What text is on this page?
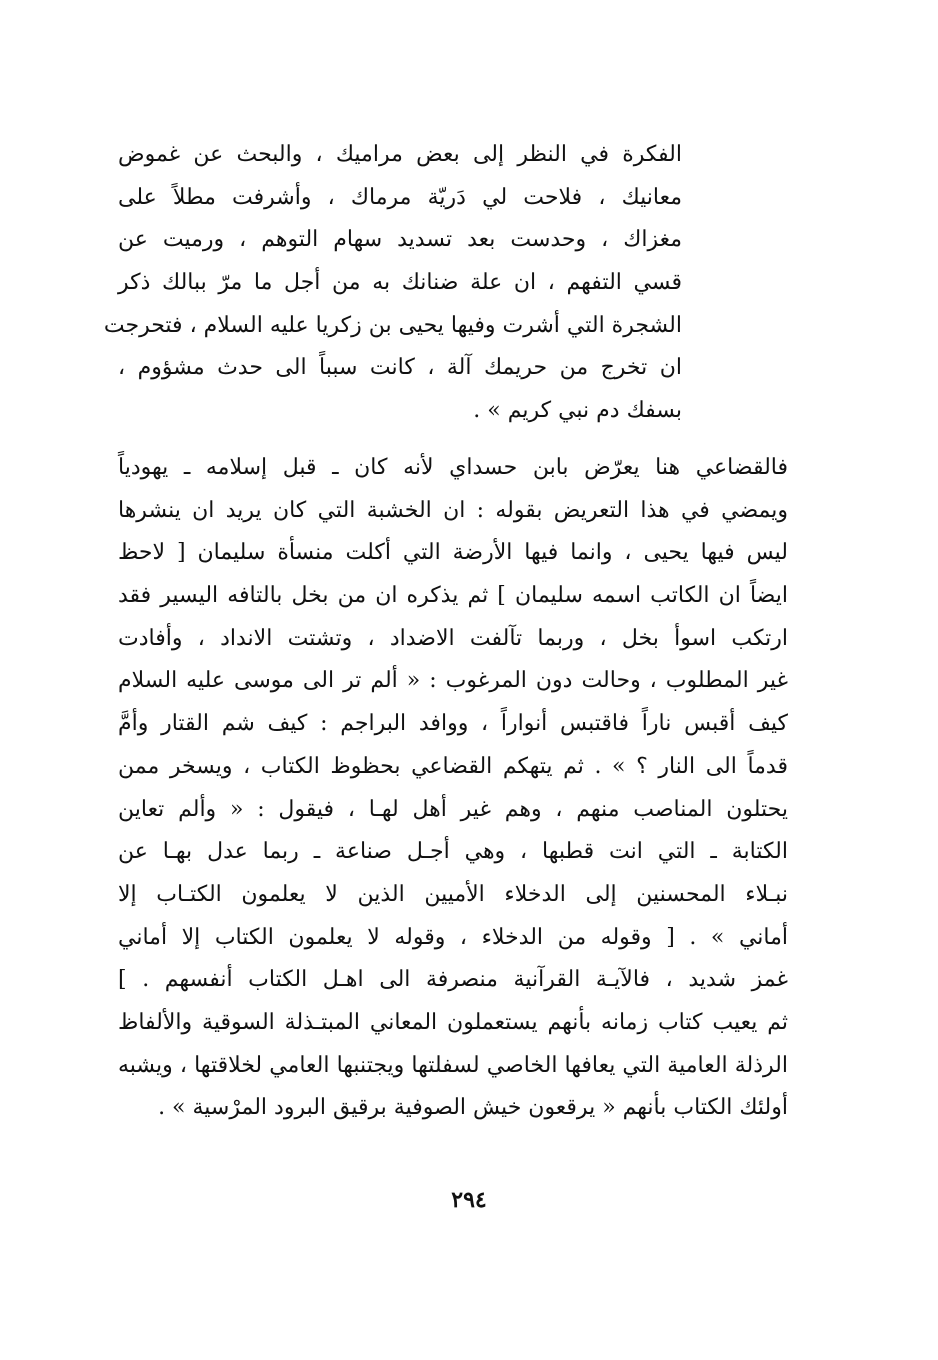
الفكرة في النظر إلى بعض مراميك ، والبحث عن غموض
معانيك ، فلاحت لي دَريّة مرماك ، وأشرفت مطلاً على
مغزاك ، وحدست بعد تسديد سهام التوهم ، ورميت عن
قسي التفهم ، ان علة ضنانك به من أجل ما مرّ ببالك ذكر
الشجرة التي أشرت وفيها يحيى بن زكريا عليه السلام ، فتحرجت
ان تخرج من حريمك آلة ، كانت سبباً الى حدث مشؤوم ،
بسفك دم نبي كريم » .
فالقضاعي هنا يعرّض بابن حسداي لأنه كان ـ قبل إسلامه ـ يهودياً
ويمضي في هذا التعريض بقوله : ان الخشبة التي كان يريد ان ينشرها
ليس فيها يحيى ، وانما فيها الأرضة التي أكلت منسأة سليمان [ لاحظ
ايضاً ان الكاتب اسمه سليمان ] ثم يذكره ان من بخل بالتافه اليسير فقد
ارتكب اسوأ بخل ، وربما تآلفت الاضداد ، وتشتت الانداد ، وأفادت
غير المطلوب ، وحالت دون المرغوب : « ألم تر الى موسى عليه السلام
كيف أقبس ناراً فاقتبس أنواراً ، ووافد البراجم : كيف شم القتار وأمَّ
قدماً الى النار ؟ » . ثم يتهكم القضاعي بحظوظ الكتاب ، ويسخر ممن
يحتلون المناصب منهم ، وهم غير أهل لهـا ، فيقول : « وألم تعاين
الكتابة ـ التي انت قطبها ، وهي أجـل صناعة ـ ربما عدل بهـا عن
نبـلاء المحسنين إلى الدخلاء الأميين الذين لا يعلمون الكتـاب إلا
أماني » . [ وقوله من الدخلاء ، وقوله لا يعلمون الكتاب إلا أماني
غمز شديد ، فالآيـة القرآنية منصرفة الى اهـل الكتاب أنفسهم . ]
ثم يعيب كتاب زمانه بأنهم يستعملون المعاني المبتـذلة السوقية والألفاظ
الرذلة العامية التي يعافها الخاصي لسفلتها ويجتنبها العامي لخلاقتها ، ويشبه
أولئك الكتاب بأنهم « يرقعون خيش الصوفية برقيق البرود المرْسية » .
٢٩٤
